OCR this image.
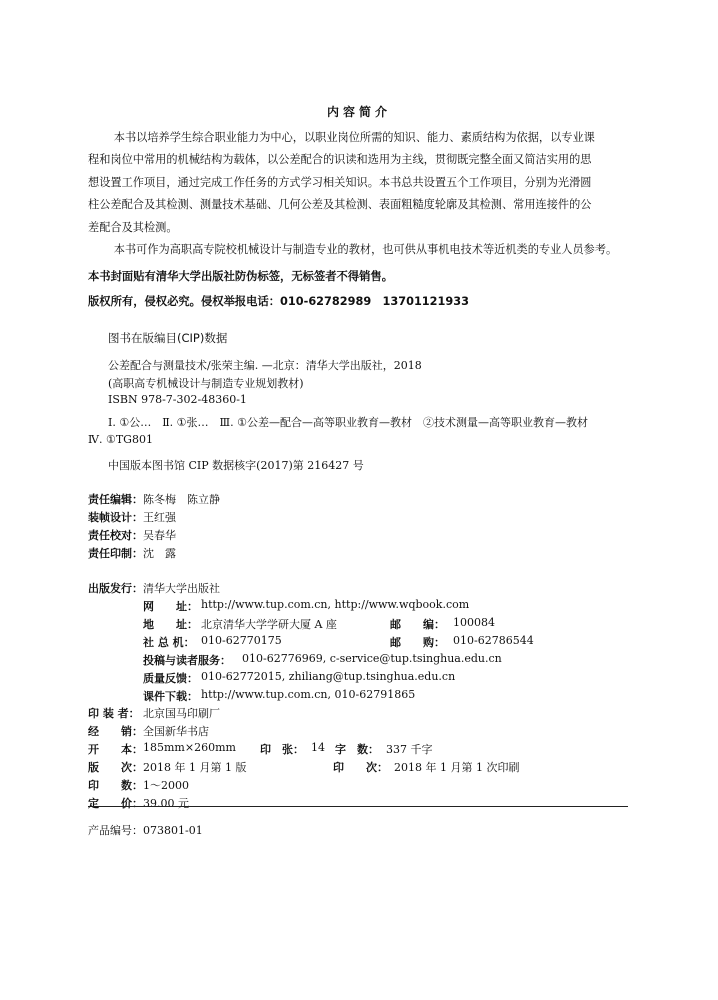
内容简介

本书以培养学生综合职业能力为中心，以职业岗位所需的知识、能力、素质结构为依据，以专业课

程和岗位中常用的机械结构为载体，以公差配合的识读和选用为主线，贯彻既完整全面又简洁实用的思
想设置工作项目，通过完成工作任务的方式学习相关知识。本书总共设置五个工作项目，分别为光滑圆
柱公差配合及其检测、测量技术基础、几何公差及其检测、表面粗糙度轮廓及其检测、常用连接件的公
差配合及其检测。

本书可作为高职高专院校机械设计与制造专业的教材，也可供从事机电技术等近机类的专业人员参考。

本书封面贴有清华大学出版社防伪标签，无标签者不得销售。
版权所有，侵权必究。侵权举报电话：010-62782989　13701121933
图书在版编目(CIP)数据
公差配合与测量技术/张荣主编. —北京：清华大学出版社，2018
(高职高专机械设计与制造专业规划教材)
ISBN 978-7-302-48360-1
Ⅰ. ①公…　Ⅱ. ①张…　Ⅲ. ①公差—配合—高等职业教育—教材　②技术测量—高等职业教育—教材
Ⅳ. ①TG801
中国版本图书馆 CIP 数据核字(2017)第 216427 号
责任编辑： 陈冬梅　陈立静
装帧设计： 王红强
责任校对： 吴春华
责任印制： 沈　露
出版发行： 清华大学出版社
网　　址： http://www.tup.com.cn, http://www.wqbook.com
地　　址： 北京清华大学学研大厦 A 座	邮　　编： 100084
社 总 机： 010-62770175	邮　　购： 010-62786544
投稿与读者服务： 010-62776969, c-service@tup.tsinghua.edu.cn
质量反馈： 010-62772015, zhiliang@tup.tsinghua.edu.cn
课件下载： http://www.tup.com.cn, 010-62791865
印 装 者： 北京国马印刷厂
经　　销： 全国新华书店
开　　本： 185mm×260mm 印　张： 14 字　数： 337 千字
版　　次： 2018 年 1 月第 1 版	印　　次： 2018 年 1 月第 1 次印刷
印　　数： 1～2000
定　　价： 39.00 元
产品编号：073801-01
